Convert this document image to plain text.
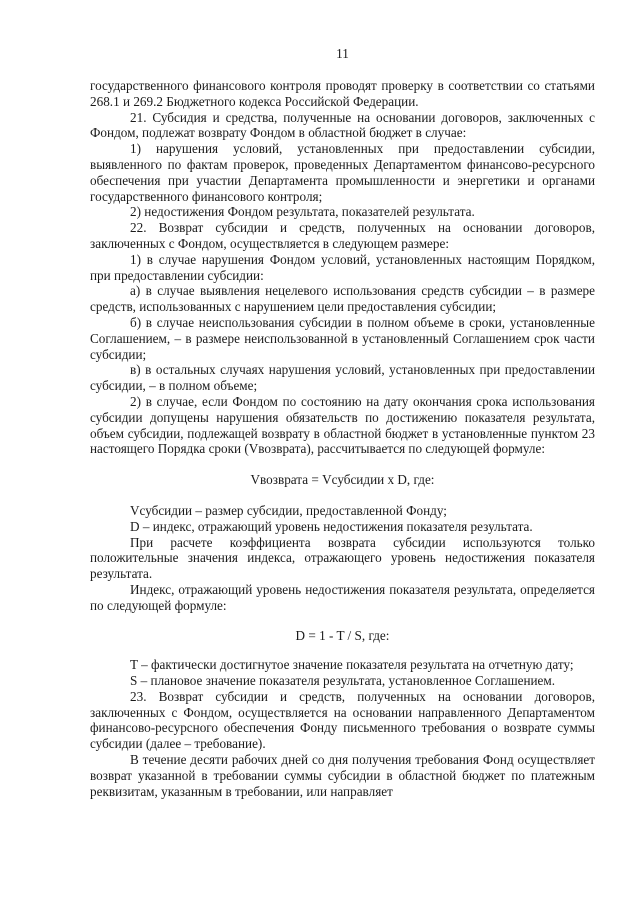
11

государственного финансового контроля проводят проверку в соответствии со статьями 268.1 и 269.2 Бюджетного кодекса Российской Федерации.

21. Субсидия и средства, полученные на основании договоров, заключенных с Фондом, подлежат возврату Фондом в областной бюджет в случае:

1) нарушения условий, установленных при предоставлении субсидии, выявленного по фактам проверок, проведенных Департаментом финансово-ресурсного обеспечения при участии Департамента промышленности и энергетики и органами государственного финансового контроля;

2) недостижения Фондом результата, показателей результата.

22. Возврат субсидии и средств, полученных на основании договоров, заключенных с Фондом, осуществляется в следующем размере:

1) в случае нарушения Фондом условий, установленных настоящим Порядком, при предоставлении субсидии:

а) в случае выявления нецелевого использования средств субсидии – в размере средств, использованных с нарушением цели предоставления субсидии;

б) в случае неиспользования субсидии в полном объеме в сроки, установленные Соглашением, – в размере неиспользованной в установленный Соглашением срок части субсидии;

в) в остальных случаях нарушения условий, установленных при предоставлении субсидии, – в полном объеме;

2) в случае, если Фондом по состоянию на дату окончания срока использования субсидии допущены нарушения обязательств по достижению показателя результата, объем субсидии, подлежащей возврату в областной бюджет в установленные пунктом 23 настоящего Порядка сроки (Vвозврата), рассчитывается по следующей формуле:

Vвозврата = Vсубсидии x D, где:

Vсубсидии – размер субсидии, предоставленной Фонду;

D – индекс, отражающий уровень недостижения показателя результата.

При расчете коэффициента возврата субсидии используются только положительные значения индекса, отражающего уровень недостижения показателя результата.

Индекс, отражающий уровень недостижения показателя результата, определяется по следующей формуле:

D = 1 - T / S, где:

T – фактически достигнутое значение показателя результата на отчетную дату;

S – плановое значение показателя результата, установленное Соглашением.

23. Возврат субсидии и средств, полученных на основании договоров, заключенных с Фондом, осуществляется на основании направленного Департаментом финансово-ресурсного обеспечения Фонду письменного требования о возврате суммы субсидии (далее – требование).

В течение десяти рабочих дней со дня получения требования Фонд осуществляет возврат указанной в требовании суммы субсидии в областной бюджет по платежным реквизитам, указанным в требовании, или направляет
